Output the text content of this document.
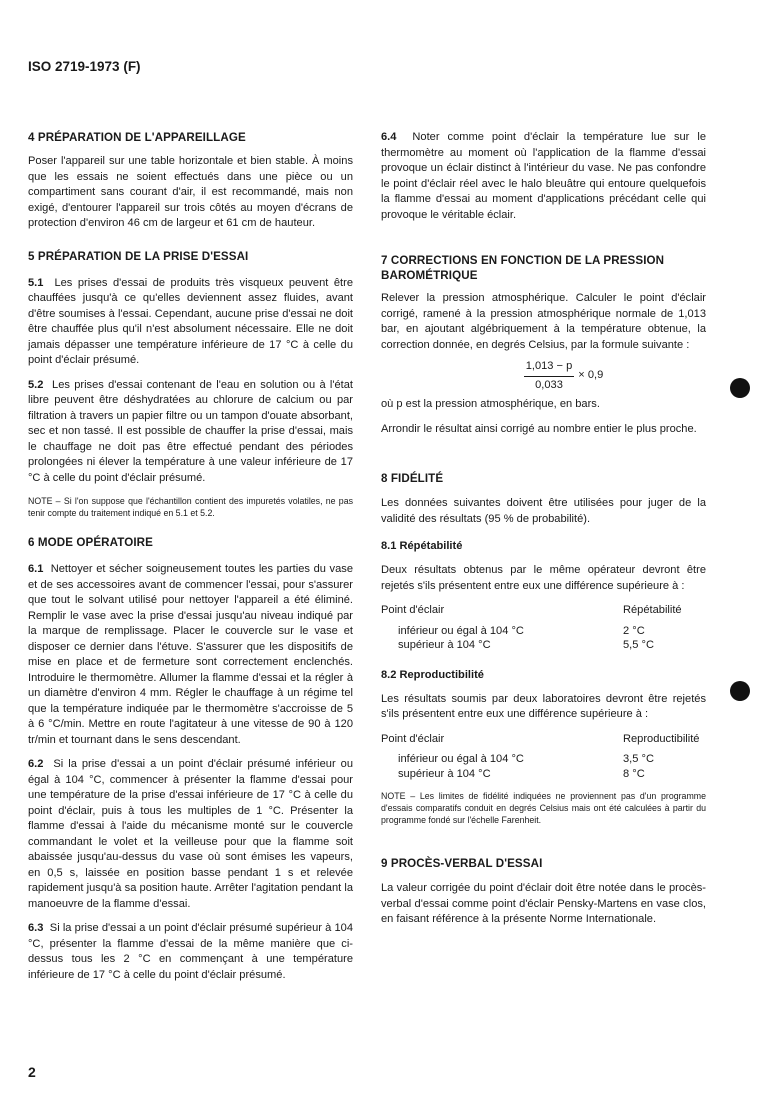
ISO 2719-1973 (F)
4 PRÉPARATION DE L'APPAREILLAGE

Poser l'appareil sur une table horizontale et bien stable. À moins que les essais ne soient effectués dans une pièce ou un compartiment sans courant d'air, il est recommandé, mais non exigé, d'entourer l'appareil sur trois côtés au moyen d'écrans de protection d'environ 46 cm de largeur et 61 cm de hauteur.

5 PRÉPARATION DE LA PRISE D'ESSAI

5.1 Les prises d'essai de produits très visqueux peuvent être chauffées jusqu'à ce qu'elles deviennent assez fluides, avant d'être soumises à l'essai. Cependant, aucune prise d'essai ne doit être chauffée plus qu'il n'est absolument nécessaire. Elle ne doit jamais dépasser une température inférieure de 17 °C à celle du point d'éclair présumé.

5.2 Les prises d'essai contenant de l'eau en solution ou à l'état libre peuvent être déshydratées au chlorure de calcium ou par filtration à travers un papier filtre ou un tampon d'ouate absorbant, sec et non tassé. Il est possible de chauffer la prise d'essai, mais le chauffage ne doit pas être effectué pendant des périodes prolongées ni élever la température à une valeur inférieure de 17 °C à celle du point d'éclair présumé.

NOTE – Si l'on suppose que l'échantillon contient des impuretés volatiles, ne pas tenir compte du traitement indiqué en 5.1 et 5.2.

6 MODE OPÉRATOIRE

6.1 Nettoyer et sécher soigneusement toutes les parties du vase et de ses accessoires avant de commencer l'essai, pour s'assurer que tout le solvant utilisé pour nettoyer l'appareil a été éliminé. Remplir le vase avec la prise d'essai jusqu'au niveau indiqué par la marque de remplissage. Placer le couvercle sur le vase et disposer ce dernier dans l'étuve. S'assurer que les dispositifs de mise en place et de fermeture sont correctement enclenchés. Introduire le thermomètre. Allumer la flamme d'essai et la régler à un diamètre d'environ 4 mm. Régler le chauffage à un régime tel que la température indiquée par le thermomètre s'accroisse de 5 à 6 °C/min. Mettre en route l'agitateur à une vitesse de 90 à 120 tr/min et tournant dans le sens descendant.

6.2 Si la prise d'essai a un point d'éclair présumé inférieur ou égal à 104 °C, commencer à présenter la flamme d'essai pour une température de la prise d'essai inférieure de 17 °C à celle du point d'éclair, puis à tous les multiples de 1 °C. Présenter la flamme d'essai à l'aide du mécanisme monté sur le couvercle commandant le volet et la veilleuse pour que la flamme soit abaissée jusqu'au-dessus du vase où sont émises les vapeurs, en 0,5 s, laissée en position basse pendant 1 s et relevée rapidement jusqu'à sa position haute. Arrêter l'agitation pendant la manoeuvre de la flamme d'essai.

6.3 Si la prise d'essai a un point d'éclair présumé supérieur à 104 °C, présenter la flamme d'essai de la même manière que ci-dessus tous les 2 °C en commençant à une température inférieure de 17 °C à celle du point d'éclair présumé.

6.4 Noter comme point d'éclair la température lue sur le thermomètre au moment où l'application de la flamme d'essai provoque un éclair distinct à l'intérieur du vase. Ne pas confondre le point d'éclair réel avec le halo bleuâtre qui entoure quelquefois la flamme d'essai au moment d'applications précédant celle qui provoque le véritable éclair.

7 CORRECTIONS EN FONCTION DE LA PRESSION
BAROMÉTRIQUE

Relever la pression atmosphérique. Calculer le point d'éclair corrigé, ramené à la pression atmosphérique normale de 1,013 bar, en ajoutant algébriquement à la température obtenue, la correction donnée, en degrés Celsius, par la formule suivante :

$\frac{1,013 - p}{0,033} \times 0,9$

où p est la pression atmosphérique, en bars.

Arrondir le résultat ainsi corrigé au nombre entier le plus proche.

8 FIDÉLITÉ

Les données suivantes doivent être utilisées pour juger de la validité des résultats (95 % de probabilité).

8.1 Répétabilité

Deux résultats obtenus par le même opérateur devront être rejetés s'ils présentent entre eux une différence supérieure à :

Point d'éclair	Répétabilité

inférieur ou égal à 104 °C	2 °C
supérieur à 104 °C	5,5 °C
8.2 Reproductibilité

Les résultats soumis par deux laboratoires devront être rejetés s'ils présentent entre eux une différence supérieure à :

Point d'éclair	Reproductibilité

inférieur ou égal à 104 °C	3,5 °C
supérieur à 104 °C	8 °C

NOTE – Les limites de fidélité indiquées ne proviennent pas d'un programme d'essais comparatifs conduit en degrés Celsius mais ont été calculées à partir du programme fondé sur l'échelle Farenheit.

9 PROCÈS-VERBAL D'ESSAI

La valeur corrigée du point d'éclair doit être notée dans le procès-verbal d'essai comme point d'éclair Pensky-Martens en vase clos, en faisant référence à la présente Norme Internationale.

2
